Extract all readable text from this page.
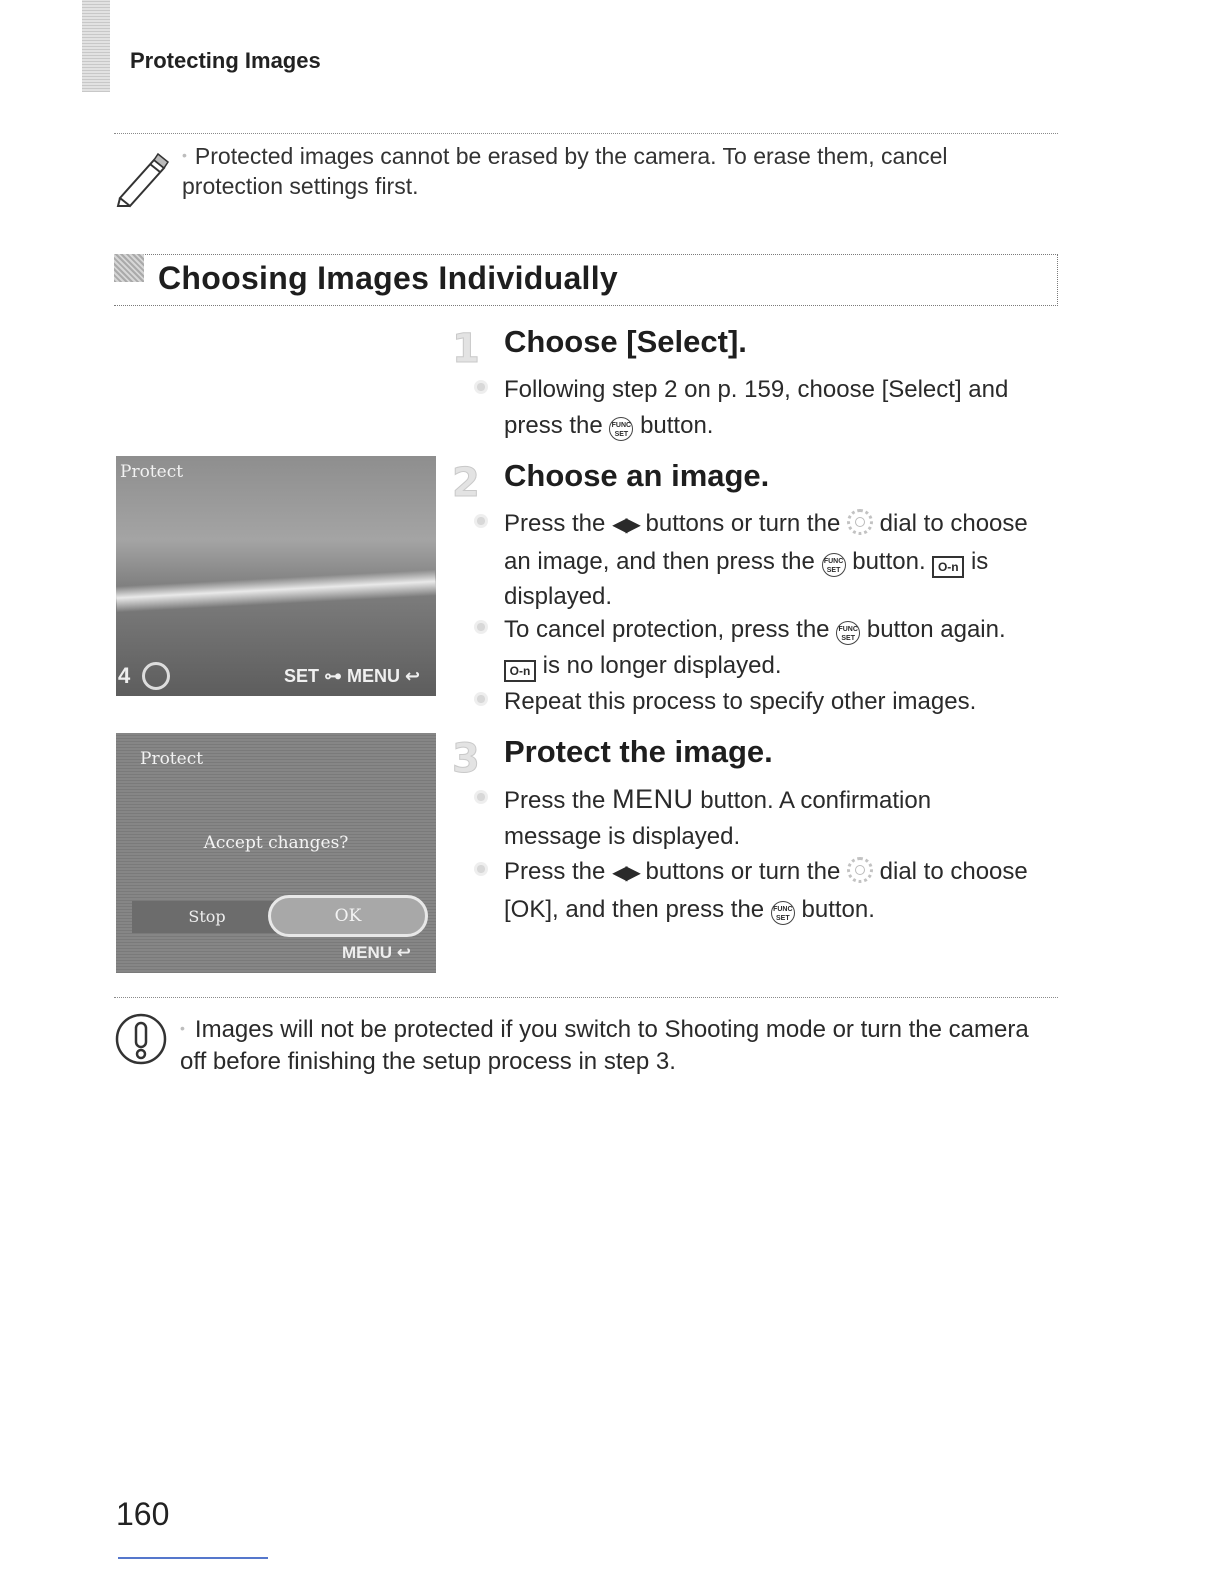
Protecting Images
• Protected images cannot be erased by the camera. To erase them, cancel protection settings first.
Choosing Images Individually
1 Choose [Select].
Following step 2 on p. 159, choose [Select] and press the FUNC
SET button.
Protect
4	SET ⊶ MENU ↩
2 Choose an image.
Press the ◀▶ buttons or turn the dial to choose an image, and then press the FUNC
SET button. O-n is displayed.
To cancel protection, press the FUNC
SET button again. O-n is no longer displayed.
Repeat this process to specify other images.
Protect
Accept changes?
Stop	OK
MENU ↩
3 Protect the image.
Press the MENU button. A confirmation message is displayed.
Press the ◀▶ buttons or turn the dial to choose [OK], and then press the FUNC
SET button.
• Images will not be protected if you switch to Shooting mode or turn the camera off before finishing the setup process in step 3.
160
